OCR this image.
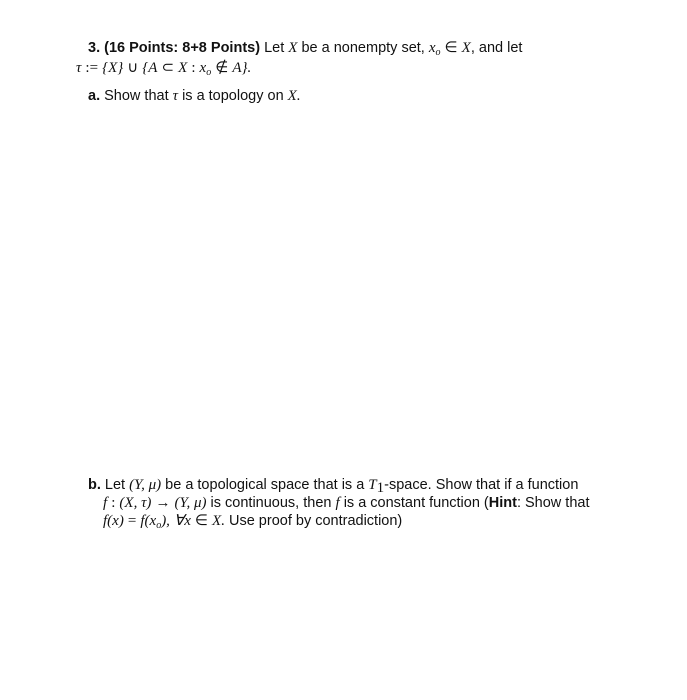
3. (16 Points: 8+8 Points) Let X be a nonempty set, $x_o$ ∈ X, and let
τ := {X} ∪ {A ⊂ X : $x_o$ ∉ A}.
a. Show that τ is a topology on X.
b. Let (Y, μ) be a topological space that is a $T_1$-space. Show that if a function
f : (X, τ) → (Y, μ) is continuous, then f is a constant function (Hint: Show that
$f(x) = f(x_o)$, ∀x ∈ X. Use proof by contradiction)
